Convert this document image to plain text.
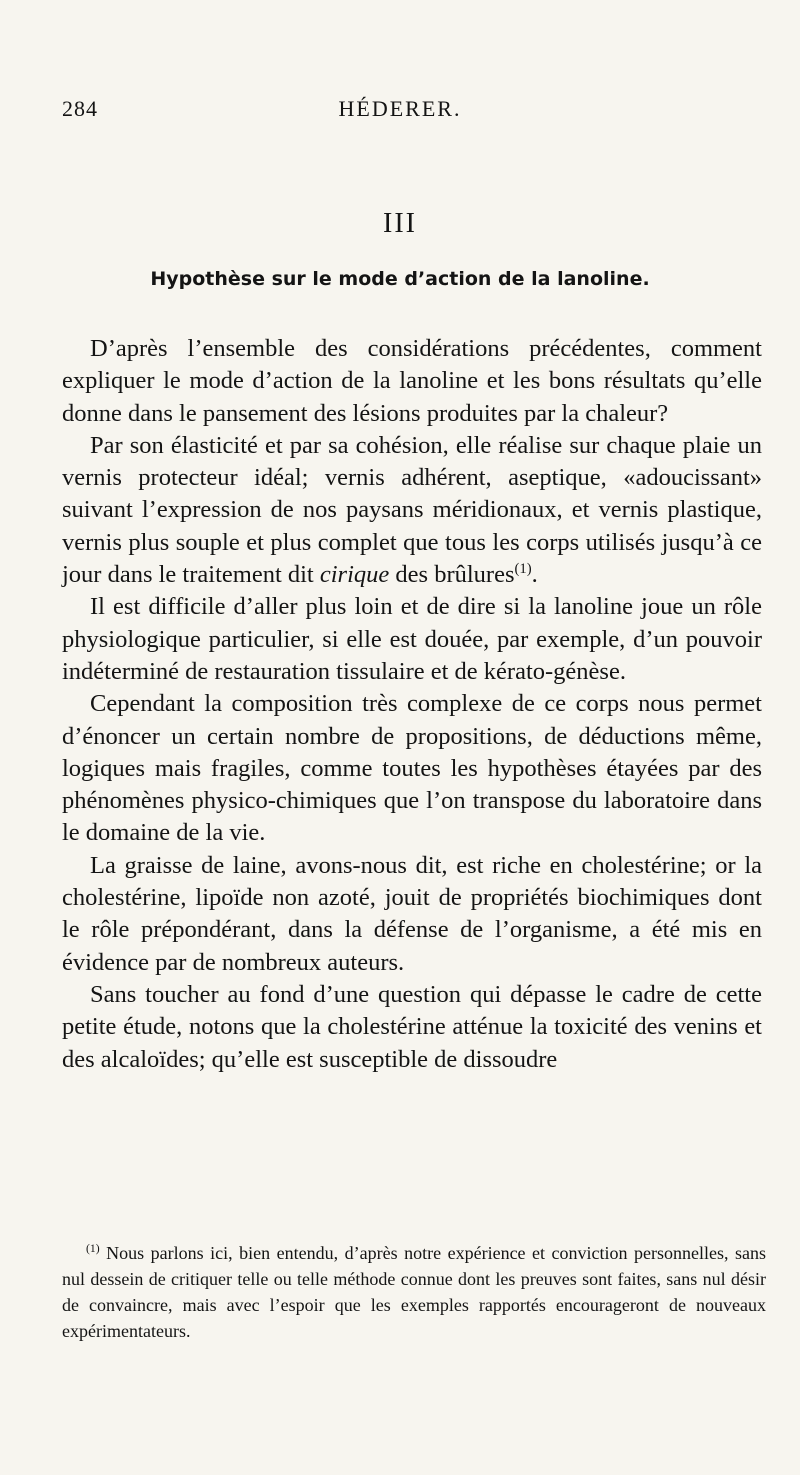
284	HÉDERER.
III
Hypothèse sur le mode d’action de la lanoline.

D’après l’ensemble des considérations précédentes, comment expliquer le mode d’action de la lanoline et les bons résultats qu’elle donne dans le pansement des lésions produites par la chaleur?

Par son élasticité et par sa cohésion, elle réalise sur chaque plaie un vernis protecteur idéal; vernis adhérent, aseptique, «adoucissant» suivant l’expression de nos paysans méridionaux, et vernis plastique, vernis plus souple et plus complet que tous les corps utilisés jusqu’à ce jour dans le traitement dit cirique des brûlures$^{(1)}$.

Il est difficile d’aller plus loin et de dire si la lanoline joue un rôle physiologique particulier, si elle est douée, par exemple, d’un pouvoir indéterminé de restauration tissulaire et de kérato-génèse.

Cependant la composition très complexe de ce corps nous permet d’énoncer un certain nombre de propositions, de déductions même, logiques mais fragiles, comme toutes les hypothèses étayées par des phénomènes physico-chimiques que l’on transpose du laboratoire dans le domaine de la vie.

La graisse de laine, avons-nous dit, est riche en cholestérine; or la cholestérine, lipoïde non azoté, jouit de propriétés biochimiques dont le rôle prépondérant, dans la défense de l’organisme, a été mis en évidence par de nombreux auteurs.

Sans toucher au fond d’une question qui dépasse le cadre de cette petite étude, notons que la cholestérine atténue la toxicité des venins et des alcaloïdes; qu’elle est susceptible de dissoudre

$^{(1)}$ Nous parlons ici, bien entendu, d’après notre expérience et conviction personnelles, sans nul dessein de critiquer telle ou telle méthode connue dont les preuves sont faites, sans nul désir de convaincre, mais avec l’espoir que les exemples rapportés encourageront de nouveaux expérimentateurs.
